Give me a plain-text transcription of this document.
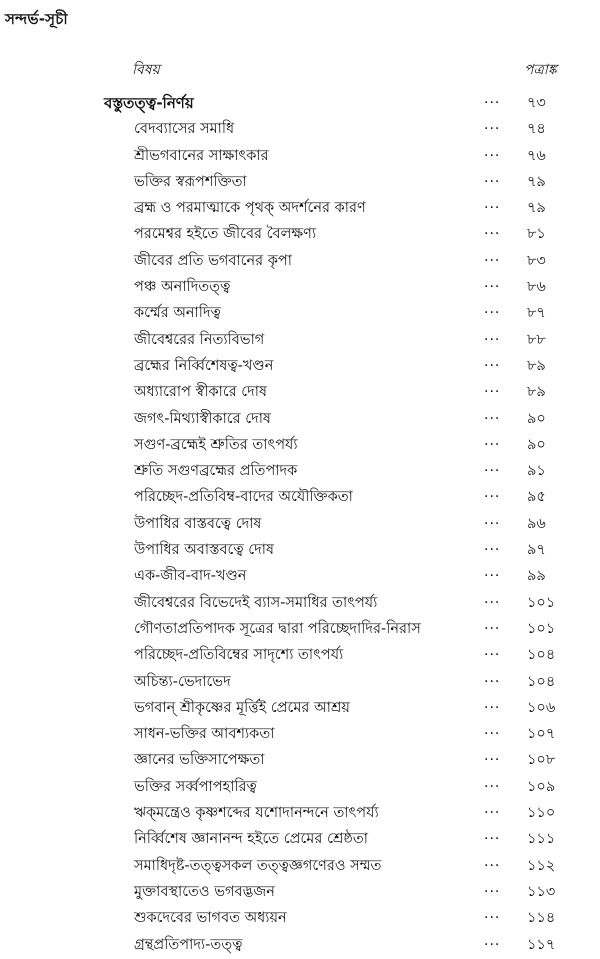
সন্দর্ভ-সূচী
বিষয়	পত্রাঙ্ক
বস্তুতত্ত্ব-নির্ণয়	... ৭৩
বেদব্যাসের সমাধি	... ৭৪
শ্রীভগবানের সাক্ষাৎকার	... ৭৬
ভক্তির স্বরূপশক্তিতা	... ৭৯
ব্রহ্ম ও পরমাত্মাকে পৃথক্ অদর্শনের কারণ	... ৭৯
পরমেশ্বর হইতে জীবের বৈলক্ষণ্য	... ৮১
জীবের প্রতি ভগবানের কৃপা	... ৮৩
পঞ্চ অনাদিতত্ত্ব	... ৮৬
কর্ম্মের অনাদিত্ব	... ৮৭
জীবেশ্বরের নিত্যবিভাগ	... ৮৮
ব্রহ্মের নির্ব্বিশেষত্ব-খণ্ডন	... ৮৯
অধ্যারোপ স্বীকারে দোষ	... ৮৯
জগৎ-মিথ্যাস্বীকারে দোষ	... ৯০
সগুণ-ব্রহ্মেই শ্রুতির তাৎপর্য্য	... ৯০
শ্রুতি সগুণব্রহ্মের প্রতিপাদক	... ৯১
পরিচ্ছেদ-প্রতিবিম্ব-বাদের অযৌক্তিকতা	... ৯৫
উপাধির বাস্তবত্বে দোষ	... ৯৬
উপাধির অবাস্তবত্বে দোষ	... ৯৭
এক-জীব-বাদ-খণ্ডন	... ৯৯
জীবেশ্বরের বিভেদেই ব্যাস-সমাধির তাৎপর্য্য	... ১০১
গৌণতাপ্রতিপাদক সূত্রের দ্বারা পরিচ্ছেদাদির-নিরাস	... ১০১
পরিচ্ছেদ-প্রতিবিম্বের সাদৃশ্যে তাৎপর্য্য	... ১০৪
অচিন্ত্য-ভেদাভেদ	... ১০৪
ভগবান্ শ্রীকৃষ্ণের মূর্ত্তিই প্রেমের আশ্রয়	... ১০৬
সাধন-ভক্তির আবশ্যকতা	... ১০৭
জ্ঞানের ভক্তিসাপেক্ষতা	... ১০৮
ভক্তির সর্ব্বপাপহারিত্ব	... ১০৯
ঋক্‌মন্ত্রেও কৃষ্ণশব্দের যশোদানন্দনে তাৎপর্য্য	... ১১০
নির্ব্বিশেষ জ্ঞানানন্দ হইতে প্রেমের শ্রেষ্ঠতা	... ১১১
সমাধিদৃষ্ট-তত্ত্বসকল তত্ত্বজ্ঞগণেরও সম্মত	... ১১২
মুক্তাবস্থাতেও ভগবদ্ভজন	... ১১৩
শুকদেবের ভাগবত অধ্যয়ন	... ১১৪
গ্রন্থপ্রতিপাদ্য-তত্ত্ব	... ১১৭
